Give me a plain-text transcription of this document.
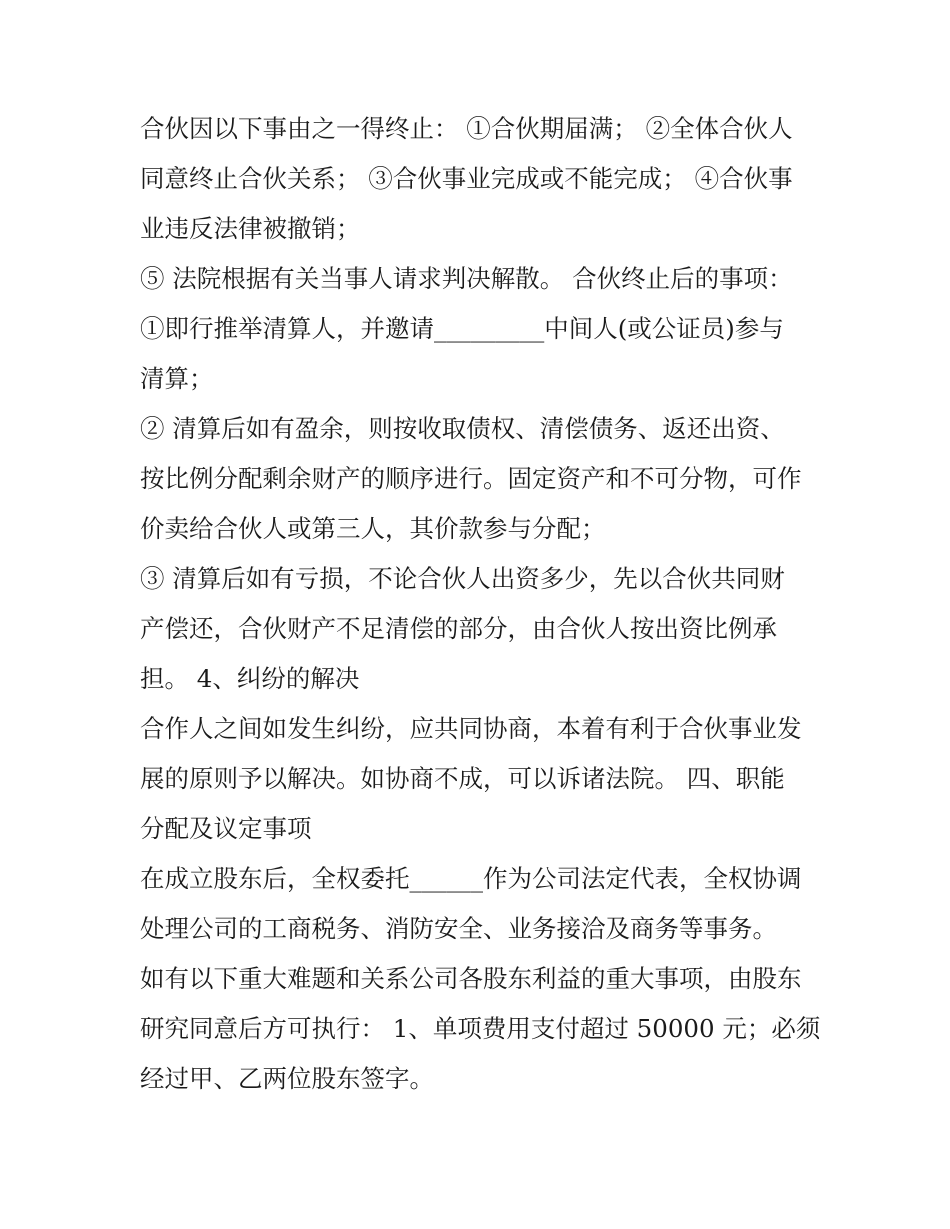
合伙因以下事由之一得终止： ①合伙期届满； ②全体合伙人
同意终止合伙关系； ③合伙事业完成或不能完成； ④合伙事
业违反法律被撤销；
⑤ 法院根据有关当事人请求判决解散。 合伙终止后的事项：
①即行推举清算人，并邀请_________中间人(或公证员)参与
清算；
② 清算后如有盈余，则按收取债权、清偿债务、返还出资、
按比例分配剩余财产的顺序进行。固定资产和不可分物，可作
价卖给合伙人或第三人，其价款参与分配；
③ 清算后如有亏损，不论合伙人出资多少，先以合伙共同财
产偿还，合伙财产不足清偿的部分，由合伙人按出资比例承
担。 4、纠纷的解决
合作人之间如发生纠纷，应共同协商，本着有利于合伙事业发
展的原则予以解决。如协商不成，可以诉诸法院。 四、职能
分配及议定事项
在成立股东后，全权委托______作为公司法定代表，全权协调
处理公司的工商税务、消防安全、业务接洽及商务等事务。
如有以下重大难题和关系公司各股东利益的重大事项，由股东
研究同意后方可执行： 1、单项费用支付超过 50000 元；必须
经过甲、乙两位股东签字。
